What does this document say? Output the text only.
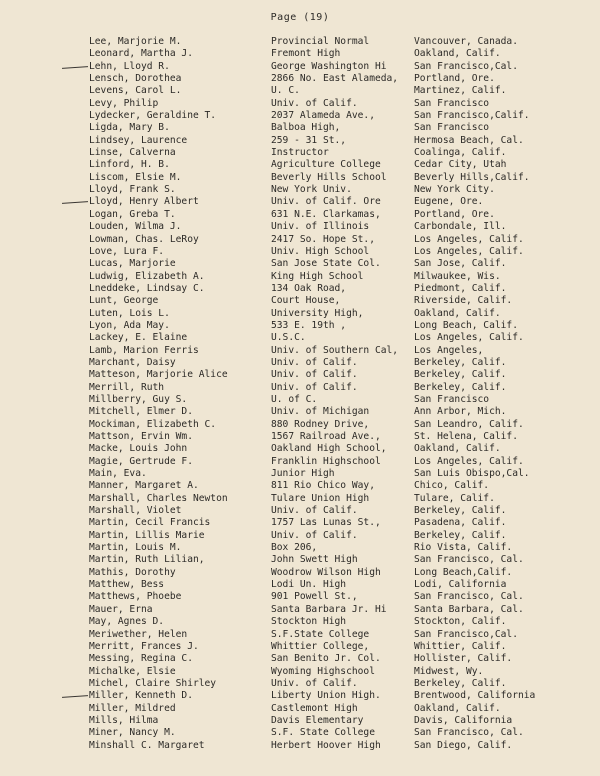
Page (19)
Lee, Marjorie M.	Provincial Normal	Vancouver, Canada.
Leonard, Martha J.	Fremont High	Oakland, Calif.
Lehn, Lloyd R.	George Washington Hi	San Francisco,Cal.
Lensch, Dorothea	2866 No. East Alameda,	Portland, Ore.
Levens, Carol L.	U. C.	Martinez, Calif.
Levy, Philip	Univ. of Calif.	San Francisco
Lydecker, Geraldine T.	2037 Alameda Ave.,	San Francisco,Calif.
Ligda, Mary B.	Balboa High,	San Francisco
Lindsey, Laurence	259 - 31 St.,	Hermosa Beach, Cal.
Linse, Calverna	Instructor	Coalinga, Calif.
Linford, H. B.	Agriculture College	Cedar City, Utah
Liscom, Elsie M.	Beverly Hills School	Beverly Hills,Calif.
Lloyd, Frank S.	New York Univ.	New York City.
Lloyd, Henry Albert	Univ. of Calif. Ore	Eugene, Ore.
Logan, Greba T.	631 N.E. Clarkamas,	Portland, Ore.
Louden, Wilma J.	Univ. of Illinois	Carbondale, Ill.
Lowman, Chas. LeRoy	2417 So. Hope St.,	Los Angeles, Calif.
Love, Lura F.	Univ. High School	Los Angeles, Calif.
Lucas, Marjorie	San Jose State Col.	San Jose, Calif.
Ludwig, Elizabeth A.	King High School	Milwaukee, Wis.
Lneddeke, Lindsay C.	134 Oak Road,	Piedmont, Calif.
Lunt, George	Court House,	Riverside, Calif.
Luten, Lois L.	University High,	Oakland, Calif.
Lyon, Ada May.	533 E. 19th ,	Long Beach, Calif.
Lackey, E. Elaine	U.S.C.	Los Angeles, Calif.
Lamb, Marion Ferris	Univ. of Southern Cal,	Los Angeles,
Marchant, Daisy	Univ. of Calif.	Berkeley, Calif.
Matteson, Marjorie Alice	Univ. of Calif.	Berkeley, Calif.
Merrill, Ruth	Univ. of Calif.	Berkeley, Calif.
Millberry, Guy S.	U. of C.	San Francisco
Mitchell, Elmer D.	Univ. of Michigan	Ann Arbor, Mich.
Mockiman, Elizabeth C.	880 Rodney Drive,	San Leandro, Calif.
Mattson, Ervin Wm.	1567 Railroad Ave.,	St. Helena, Calif.
Macke, Louis John	Oakland High School,	Oakland, Calif.
Magie, Gertrude F.	Franklin Highschool	Los Angeles, Calif.
Main, Eva.	Junior High	San Luis Obispo,Cal.
Manner, Margaret A.	811 Rio Chico Way,	Chico, Calif.
Marshall, Charles Newton	Tulare Union High	Tulare, Calif.
Marshall, Violet	Univ. of Calif.	Berkeley, Calif.
Martin, Cecil Francis	1757 Las Lunas St.,	Pasadena, Calif.
Martin, Lillis Marie	Univ. of Calif.	Berkeley, Calif.
Martin, Louis M.	Box 206,	Rio Vista, Calif.
Martin, Ruth Lilian,	John Swett High	San Francisco, Cal.
Mathis, Dorothy	Woodrow Wilson High	Long Beach,Calif.
Matthew, Bess	Lodi Un. High	Lodi, California
Matthews, Phoebe	901 Powell St.,	San Francisco, Cal.
Mauer, Erna	Santa Barbara Jr. Hi	Santa Barbara, Cal.
May, Agnes D.	Stockton High	Stockton, Calif.
Meriwether, Helen	S.F.State College	San Francisco,Cal.
Merritt, Frances J.	Whittier College,	Whittier, Calif.
Messing, Regina C.	San Benito Jr. Col.	Hollister, Calif.
Michalke, Elsie	Wyoming Highschool	Midwest, Wy.
Michel, Claire Shirley	Univ. of Calif.	Berkeley, Calif.
Miller, Kenneth D.	Liberty Union High.	Brentwood, California
Miller, Mildred	Castlemont High	Oakland, Calif.
Mills, Hilma	Davis Elementary	Davis, California
Miner, Nancy M.	S.F. State College	San Francisco, Cal.
Minshall C. Margaret	Herbert Hoover High	San Diego, Calif.
